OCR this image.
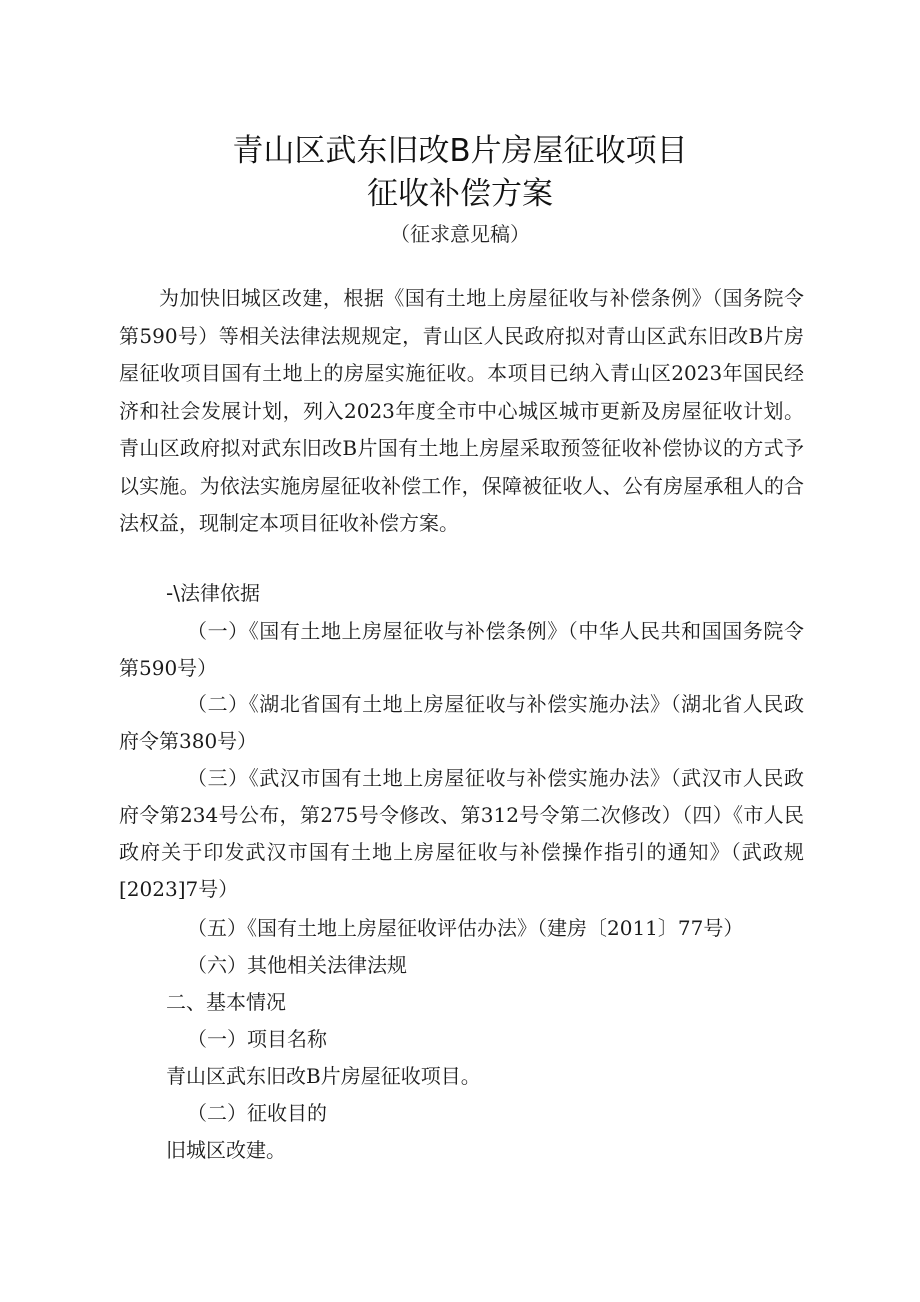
青山区武东旧改B片房屋征收项目
征收补偿方案
（征求意见稿）
为加快旧城区改建，根据《国有土地上房屋征收与补偿条例》（国务院令第590号）等相关法律法规规定，青山区人民政府拟对青山区武东旧改B片房屋征收项目国有土地上的房屋实施征收。本项目已纳入青山区2023年国民经济和社会发展计划，列入2023年度全市中心城区城市更新及房屋征收计划。青山区政府拟对武东旧改B片国有土地上房屋采取预签征收补偿协议的方式予以实施。为依法实施房屋征收补偿工作，保障被征收人、公有房屋承租人的合法权益，现制定本项目征收补偿方案。
-\法律依据
（一）《国有土地上房屋征收与补偿条例》（中华人民共和国国务院令第590号）
（二）《湖北省国有土地上房屋征收与补偿实施办法》（湖北省人民政府令第380号）
（三）《武汉市国有土地上房屋征收与补偿实施办法》（武汉市人民政府令第234号公布，第275号令修改、第312号令第二次修改）（四）《市人民政府关于印发武汉市国有土地上房屋征收与补偿操作指引的通知》（武政规[2023]7号）
（五）《国有土地上房屋征收评估办法》（建房〔2011〕77号）
（六）其他相关法律法规
二、基本情况
（一）项目名称
青山区武东旧改B片房屋征收项目。
（二）征收目的
旧城区改建。
